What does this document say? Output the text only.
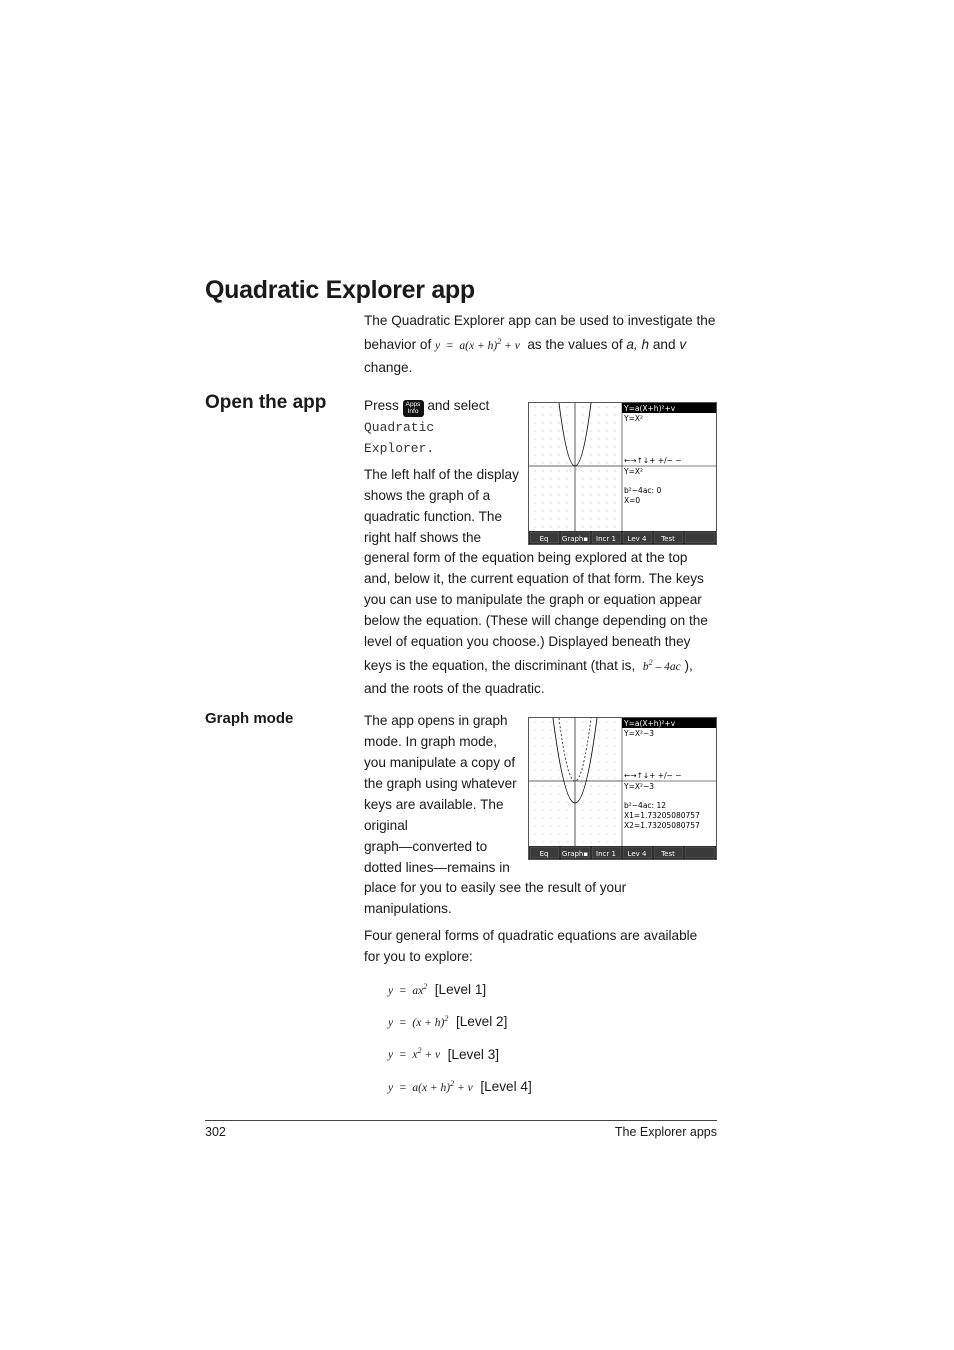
Quadratic Explorer app
The Quadratic Explorer app can be used to investigate the
behavior of $y = a(x + h)^2 + v$ as the values of a, h and v
change.
Open the app	Press Apps
Info and select
Quadratic
Explorer.
The left half of the display
shows the graph of a
quadratic function. The
right half shows the
general form of the equation being explored at the top
and, below it, the current equation of that form. The keys
you can use to manipulate the graph or equation appear
below the equation. (These will change depending on the
level of equation you choose.) Displayed beneath they
keys is the equation, the discriminant (that is, $b^2 - 4ac$ ),
and the roots of the quadratic.
Y=a(X+h)²+v
Y=X²
←→↑↓+ +/− −
Y=X²
b²−4ac: 0
X=0
Eq Graph▪ Incr 1 Lev 4 Test
Graph mode	The app opens in graph
mode. In graph mode,
you manipulate a copy of
the graph using whatever
keys are available. The
original
graph—converted to
dotted lines—remains in
place for you to easily see the result of your
manipulations.
Four general forms of quadratic equations are available
for you to explore:
$y = ax^2$ [Level 1]
$y = (x + h)^2$ [Level 2]
$y = x^2 + v$ [Level 3]
$y = a(x + h)^2 + v$ [Level 4]
Y=a(X+h)²+v
Y=X²−3
←→↑↓+ +/− −
Y=X²−3
b²−4ac: 12
X1=1.73205080757
X2=1.73205080757
Eq Graph▪ Incr 1 Lev 4 Test
302	The Explorer apps
